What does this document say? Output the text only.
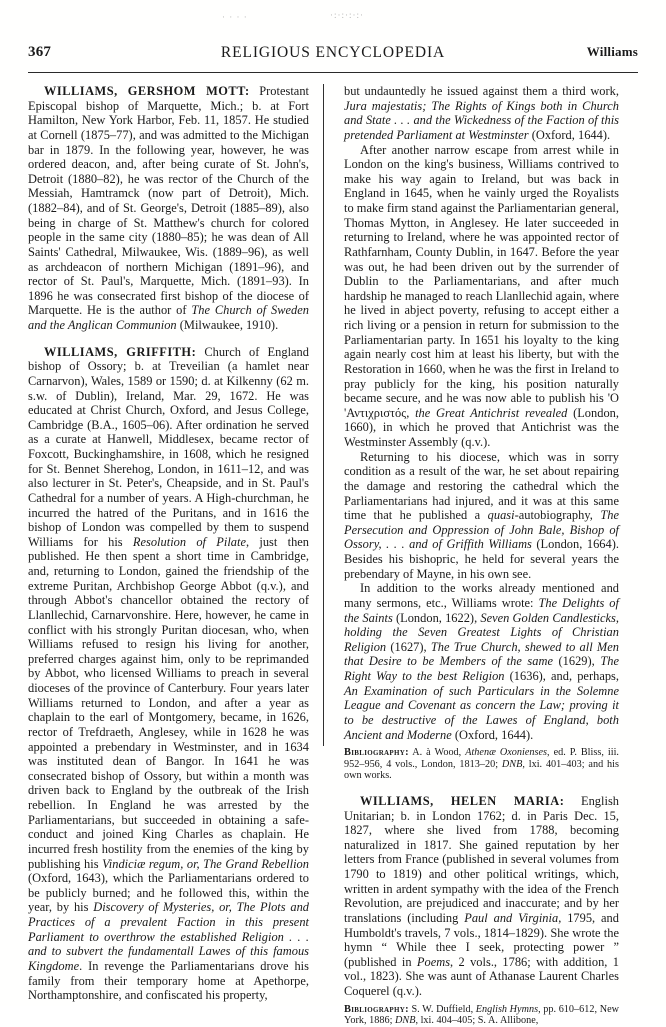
· · · ·	·:·:·:·:·
367	RELIGIOUS ENCYCLOPEDIA	Williams

WILLIAMS, GERSHOM MOTT: Protestant Episcopal bishop of Marquette, Mich.; b. at Fort Hamilton, New York Harbor, Feb. 11, 1857. He studied at Cornell (1875–77), and was admitted to the Michigan bar in 1879. In the following year, however, he was ordered deacon, and, after being curate of St. John's, Detroit (1880–82), he was rector of the Church of the Messiah, Hamtramck (now part of Detroit), Mich. (1882–84), and of St. George's, Detroit (1885–89), also being in charge of St. Matthew's church for colored people in the same city (1880–85); he was dean of All Saints' Cathedral, Milwaukee, Wis. (1889–96), as well as archdeacon of northern Michigan (1891–96), and rector of St. Paul's, Marquette, Mich. (1891–93). In 1896 he was consecrated first bishop of the diocese of Marquette. He is the author of The Church of Sweden and the Anglican Communion (Milwaukee, 1910).

WILLIAMS, GRIFFITH: Church of England bishop of Ossory; b. at Treveilian (a hamlet near Carnarvon), Wales, 1589 or 1590; d. at Kilkenny (62 m. s.w. of Dublin), Ireland, Mar. 29, 1672. He was educated at Christ Church, Oxford, and Jesus College, Cambridge (B.A., 1605–06). After ordination he served as a curate at Hanwell, Middlesex, became rector of Foxcott, Buckinghamshire, in 1608, which he resigned for St. Bennet Sherehog, London, in 1611–12, and was also lecturer in St. Peter's, Cheapside, and in St. Paul's Cathedral for a number of years. A High-churchman, he incurred the hatred of the Puritans, and in 1616 the bishop of London was compelled by them to suspend Williams for his Resolution of Pilate, just then published. He then spent a short time in Cambridge, and, returning to London, gained the friendship of the extreme Puritan, Archbishop George Abbot (q.v.), and through Abbot's chancellor obtained the rectory of Llanllechid, Carnarvonshire. Here, however, he came in conflict with his strongly Puritan diocesan, who, when Williams refused to resign his living for another, preferred charges against him, only to be reprimanded by Abbot, who licensed Williams to preach in several dioceses of the province of Canterbury. Four years later Williams returned to London, and after a year as chaplain to the earl of Montgomery, became, in 1626, rector of Trefdraeth, Anglesey, while in 1628 he was appointed a prebendary in Westminster, and in 1634 was instituted dean of Bangor. In 1641 he was consecrated bishop of Ossory, but within a month was driven back to England by the outbreak of the Irish rebellion. In England he was arrested by the Parliamentarians, but succeeded in obtaining a safe-conduct and joined King Charles as chaplain. He incurred fresh hostility from the enemies of the king by publishing his Vindiciæ regum, or, The Grand Rebellion (Oxford, 1643), which the Parliamentarians ordered to be publicly burned; and he followed this, within the year, by his Discovery of Mysteries, or, The Plots and Practices of a prevalent Faction in this present Parliament to overthrow the established Religion . . . and to subvert the fundamentall Lawes of this famous Kingdome. In revenge the Parliamentarians drove his family from their temporary home at Apethorpe, Northamptonshire, and confiscated his property,

but undauntedly he issued against them a third work, Jura majestatis; The Rights of Kings both in Church and State . . . and the Wickedness of the Faction of this pretended Parliament at Westminster (Oxford, 1644).

After another narrow escape from arrest while in London on the king's business, Williams contrived to make his way again to Ireland, but was back in England in 1645, when he vainly urged the Royalists to make firm stand against the Parliamentarian general, Thomas Mytton, in Anglesey. He later succeeded in returning to Ireland, where he was appointed rector of Rathfarnham, County Dublin, in 1647. Before the year was out, he had been driven out by the surrender of Dublin to the Parliamentarians, and after much hardship he managed to reach Llanllechid again, where he lived in abject poverty, refusing to accept either a rich living or a pension in return for submission to the Parliamentarian party. In 1651 his loyalty to the king again nearly cost him at least his liberty, but with the Restoration in 1660, when he was the first in Ireland to pray publicly for the king, his position naturally became secure, and he was now able to publish his 'Ο 'Αντιχριστός, the Great Antichrist revealed (London, 1660), in which he proved that Antichrist was the Westminster Assembly (q.v.).

Returning to his diocese, which was in sorry condition as a result of the war, he set about repairing the damage and restoring the cathedral which the Parliamentarians had injured, and it was at this same time that he published a quasi-autobiography, The Persecution and Oppression of John Bale, Bishop of Ossory, . . . and of Griffith Williams (London, 1664). Besides his bishopric, he held for several years the prebendary of Mayne, in his own see.

In addition to the works already mentioned and many sermons, etc., Williams wrote: The Delights of the Saints (London, 1622), Seven Golden Candlesticks, holding the Seven Greatest Lights of Christian Religion (1627), The True Church, shewed to all Men that Desire to be Members of the same (1629), The Right Way to the best Religion (1636), and, perhaps, An Examination of such Particulars in the Solemne League and Covenant as concern the Law; proving it to be destructive of the Lawes of England, both Ancient and Moderne (Oxford, 1644).

Bibliography: A. à Wood, Athenæ Oxonienses, ed. P. Bliss, iii. 952–956, 4 vols., London, 1813–20; DNB, lxi. 401–403; and his own works.

WILLIAMS, HELEN MARIA: English Unitarian; b. in London 1762; d. in Paris Dec. 15, 1827, where she lived from 1788, becoming naturalized in 1817. She gained reputation by her letters from France (published in several volumes from 1790 to 1819) and other political writings, which, written in ardent sympathy with the idea of the French Revolution, are prejudiced and inaccurate; and by her translations (including Paul and Virginia, 1795, and Humboldt's travels, 7 vols., 1814–1829). She wrote the hymn “ While thee I seek, protecting power ” (published in Poems, 2 vols., 1786; with addition, 1 vol., 1823). She was aunt of Athanase Laurent Charles Coquerel (q.v.).

Bibliography: S. W. Duffield, English Hymns, pp. 610–612, New York, 1886; DNB, lxi. 404–405; S. A. Allibone,
